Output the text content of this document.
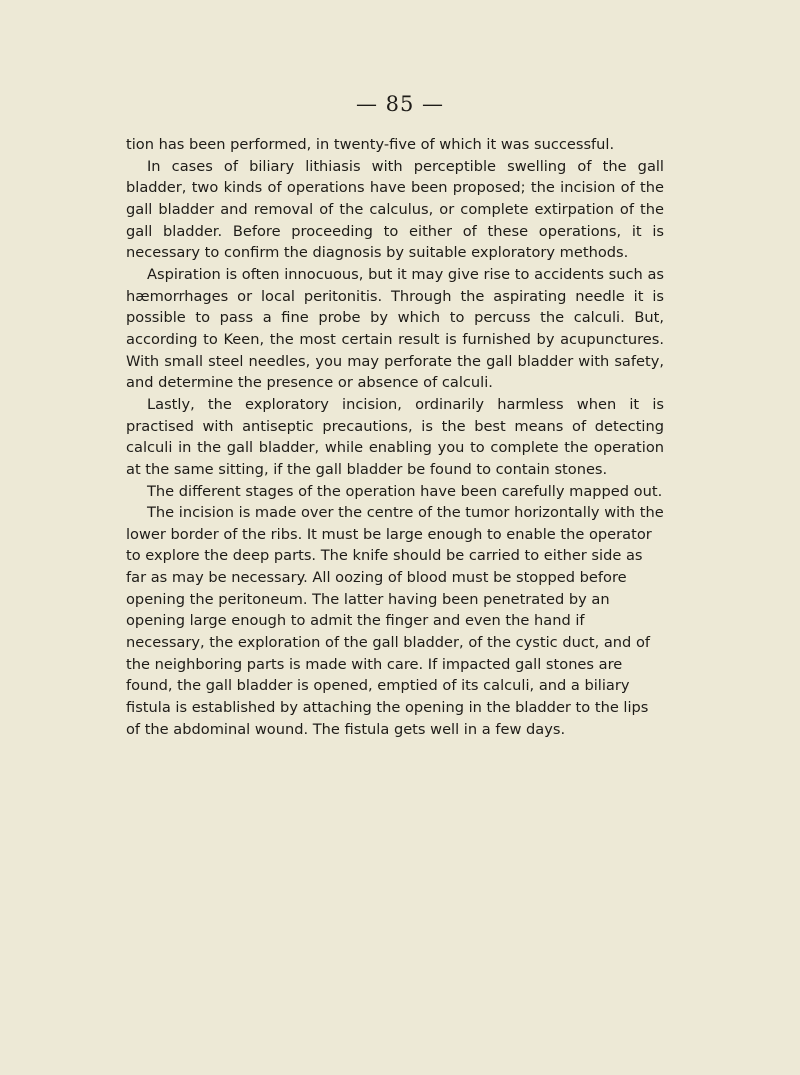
— 85 —

tion has been performed, in twenty-five of which it was successful.

In cases of biliary lithiasis with perceptible swelling of the gall bladder, two kinds of operations have been proposed; the incision of the gall bladder and removal of the calculus, or complete extirpation of the gall bladder. Before proceeding to either of these operations, it is necessary to confirm the diagnosis by suitable exploratory methods.

Aspiration is often innocuous, but it may give rise to accidents such as hæmorrhages or local peritonitis. Through the aspirating needle it is possible to pass a fine probe by which to percuss the calculi. But, according to Keen, the most certain result is furnished by acupunctures. With small steel needles, you may perforate the gall bladder with safety, and determine the presence or absence of calculi.

Lastly, the exploratory incision, ordinarily harmless when it is practised with antiseptic precautions, is the best means of detecting calculi in the gall bladder, while enabling you to complete the operation at the same sitting, if the gall bladder be found to contain stones.

The different stages of the operation have been carefully mapped out.

The incision is made over the centre of the tumor horizontally with the lower border of the ribs. It must be large enough to enable the operator to explore the deep parts. The knife should be carried to either side as far as may be necessary. All oozing of blood must be stopped before opening the peritoneum. The latter having been penetrated by an opening large enough to admit the finger and even the hand if necessary, the exploration of the gall bladder, of the cystic duct, and of the neighboring parts is made with care. If impacted gall stones are found, the gall bladder is opened, emptied of its calculi, and a biliary fistula is established by attaching the opening in the bladder to the lips of the abdominal wound. The fistula gets well in a few days.
